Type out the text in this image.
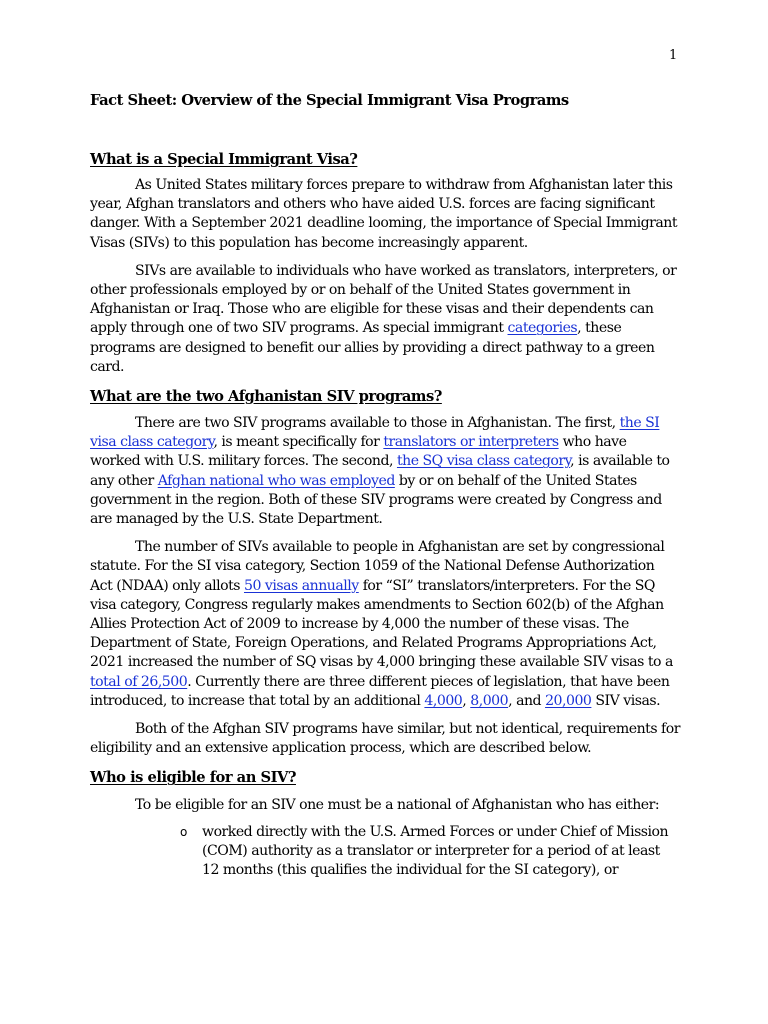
1
Fact Sheet: Overview of the Special Immigrant Visa Programs
What is a Special Immigrant Visa?

As United States military forces prepare to withdraw from Afghanistan later this year, Afghan translators and others who have aided U.S. forces are facing significant danger. With a September 2021 deadline looming, the importance of Special Immigrant Visas (SIVs) to this population has become increasingly apparent.

SIVs are available to individuals who have worked as translators, interpreters, or other professionals employed by or on behalf of the United States government in Afghanistan or Iraq. Those who are eligible for these visas and their dependents can apply through one of two SIV programs. As special immigrant categories, these programs are designed to benefit our allies by providing a direct pathway to a green card.

What are the two Afghanistan SIV programs?

There are two SIV programs available to those in Afghanistan. The first, the SI visa class category, is meant specifically for translators or interpreters who have worked with U.S. military forces. The second, the SQ visa class category, is available to any other Afghan national who was employed by or on behalf of the United States government in the region. Both of these SIV programs were created by Congress and are managed by the U.S. State Department.

The number of SIVs available to people in Afghanistan are set by congressional statute. For the SI visa category, Section 1059 of the National Defense Authorization Act (NDAA) only allots 50 visas annually for “SI” translators/interpreters. For the SQ visa category, Congress regularly makes amendments to Section 602(b) of the Afghan Allies Protection Act of 2009 to increase by 4,000 the number of these visas. The Department of State, Foreign Operations, and Related Programs Appropriations Act, 2021 increased the number of SQ visas by 4,000 bringing these available SIV visas to a total of 26,500. Currently there are three different pieces of legislation, that have been introduced, to increase that total by an additional 4,000, 8,000, and 20,000 SIV visas.

Both of the Afghan SIV programs have similar, but not identical, requirements for eligibility and an extensive application process, which are described below.

Who is eligible for an SIV?

To be eligible for an SIV one must be a national of Afghanistan who has either:

o worked directly with the U.S. Armed Forces or under Chief of Mission (COM) authority as a translator or interpreter for a period of at least 12 months (this qualifies the individual for the SI category), or
